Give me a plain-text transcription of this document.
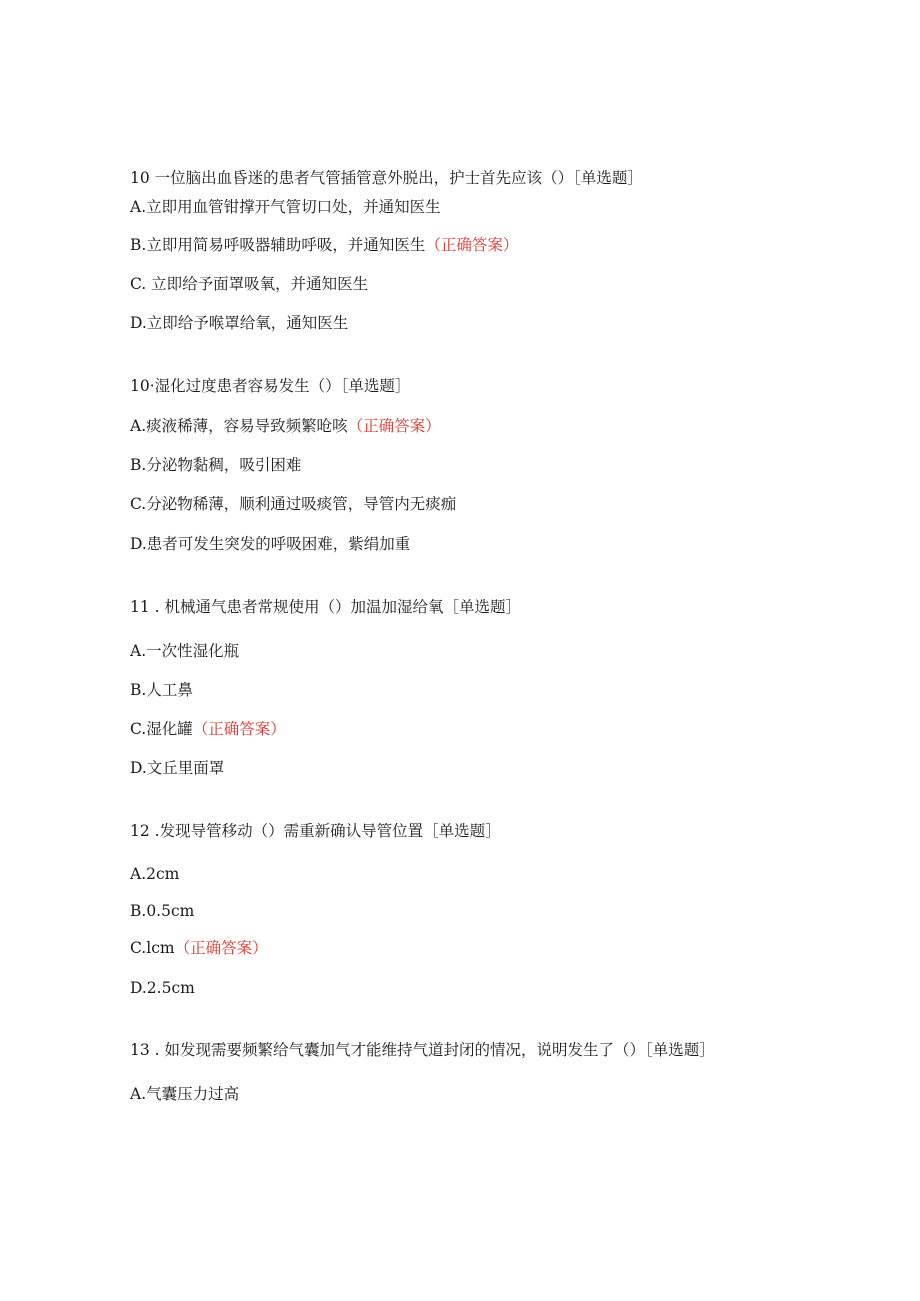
10 一位脑出血昏迷的患者气管插管意外脱出，护士首先应该（）［单选题］
A.立即用血管钳撑开气管切口处，并通知医生
B.立即用简易呼吸器辅助呼吸，并通知医生（正确答案）
C. 立即给予面罩吸氧，并通知医生
D.立即给予喉罩给氧，通知医生
10·湿化过度患者容易发生（）［单选题］
A.痰液稀薄，容易导致频繁呛咳（正确答案）
B.分泌物黏稠，吸引困难
C.分泌物稀薄，顺利通过吸痰管，导管内无痰痂
D.患者可发生突发的呼吸困难，紫绢加重
11 . 机械通气患者常规使用（）加温加湿给氧［单选题］
A.一次性湿化瓶
B.人工鼻
C.湿化罐（正确答案）
D.文丘里面罩
12 .发现导管移动（）需重新确认导管位置［单选题］
A.2cm
B.0.5cm
C.lcm（正确答案）
D.2.5cm
13 . 如发现需要频繁给气囊加气才能维持气道封闭的情况，说明发生了（）［单选题］
A.气囊压力过高
